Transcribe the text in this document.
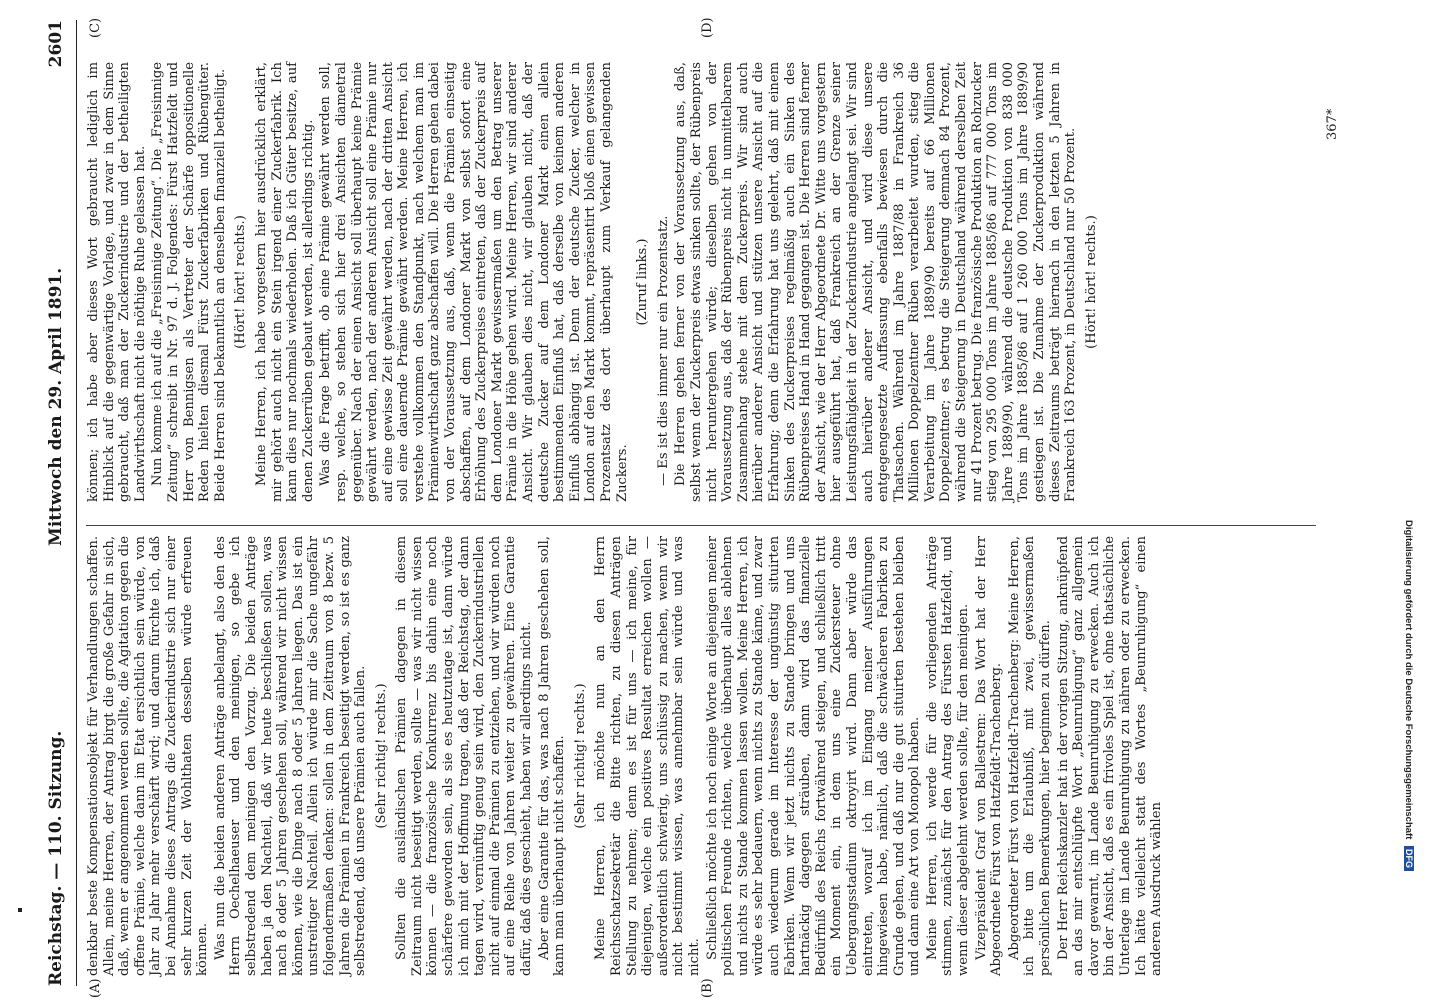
Reichstag. — 110. Sitzung.
Mittwoch den 29. April 1891.
2601
(A)	(B)
(C)	(D)

denkbar beste Kompensationsobjekt für Verhandlungen schaffen. Allein, meine Herren, der Antrag birgt die große Gefahr in sich, daß, wenn er angenommen werden sollte, die Agitation gegen die offene Prämie, welche dann im Etat ersichtlich sein würde, von Jahr zu Jahr mehr verschärft wird; und darum fürchte ich, daß bei Annahme dieses Antrags die Zuckerindustrie sich nur einer sehr kurzen Zeit der Wohlthaten desselben würde erfreuen können. Was nun die beiden anderen Anträge anbelangt, also den des Herrn Oechelhaeuser und den meinigen, so gebe ich selbstredend dem meinigen den Vorzug. Die beiden Anträge haben ja den Nachteil, daß wir heute beschließen sollen, was nach 8 oder 5 Jahren geschehen soll, während wir nicht wissen können, wie die Dinge nach 8 oder 5 Jahren liegen. Das ist ein unstreitiger Nachteil. Allein ich würde mir die Sache ungefähr folgendermaßen denken: sollen in dem Zeitraum von 8 bezw. 5 Jahren die Prämien in Frankreich beseitigt werden, so ist es ganz selbstredend, daß unsere Prämien auch fallen. (Sehr richtig! rechts.) Sollten die ausländischen Prämien dagegen in diesem Zeitraum nicht beseitigt werden, sollte — was wir nicht wissen können — die französische Konkurrenz bis dahin eine noch schärfere geworden sein, als sie es heutzutage ist, dann würde ich mich mit der Hoffnung tragen, daß der Reichstag, der dann tagen wird, vernünftig genug sein wird, den Zuckerindustriellen nicht auf einmal die Prämien zu entziehen, und wir würden noch auf eine Reihe von Jahren weiter zu gewähren. Eine Garantie dafür, daß dies geschieht, haben wir allerdings nicht. Aber eine Garantie für das, was nach 8 Jahren geschehen soll, kann man überhaupt nicht schaffen. (Sehr richtig! rechts.) Meine Herren, ich möchte nun an den Herrn Reichsschatzsekretär die Bitte richten, zu diesen Anträgen Stellung zu nehmen; denn es ist für uns — ich meine, für diejenigen, welche ein positives Resultat erreichen wollen — außerordentlich schwierig, uns schlüssig zu machen, wenn wir nicht bestimmt wissen, was annehmbar sein würde und was nicht. Schließlich möchte ich noch einige Worte an diejenigen meiner politischen Freunde richten, welche überhaupt alles ablehnen und nichts zu Stande kommen lassen wollen. Meine Herren, ich würde es sehr bedauern, wenn nichts zu Stande käme, und zwar auch wiederum gerade im Interesse der ungünstig situirten Fabriken. Wenn wir jetzt nichts zu Stande bringen und uns hartnäckig dagegen sträuben, dann wird das finanzielle Bedürfniß des Reichs fortwährend steigen, und schließlich tritt ein Moment ein, in dem uns eine Zuckersteuer ohne Uebergangsstadium oktroyirt wird. Dann aber würde das eintreten, worauf ich im Eingang meiner Ausführungen hingewiesen habe, nämlich, daß die schwächeren Fabriken zu Grunde gehen, und daß nur die gut situirten bestehen bleiben und dann eine Art von Monopol haben. Meine Herren, ich werde für die vorliegenden Anträge stimmen, zunächst für den Antrag des Fürsten Hatzfeldt, und wenn dieser abgelehnt werden sollte, für den meinigen. Vizepräsident Graf von Ballestrem: Das Wort hat der Herr Abgeordnete Fürst von Hatzfeldt-Trachenberg. Abgeordneter Fürst von Hatzfeldt-Trachenberg: Meine Herren, ich bitte um die Erlaubniß, mit zwei, gewissermaßen persönlichen Bemerkungen, hier beginnen zu dürfen. Der Herr Reichskanzler hat in der vorigen Sitzung, anknüpfend an das mir entschlüpfte Wort „Beunruhigung“ ganz allgemein davor gewarnt, im Lande Beunruhigung zu erwecken. Auch ich bin der Ansicht, daß es ein frivoles Spiel ist, ohne thatsächliche Unterlage im Lande Beunruhigung zu nähren oder zu erwecken. Ich hätte vielleicht statt des Wortes „Beunruhigung“ einen anderen Ausdruck wählen

können; ich habe aber dieses Wort gebraucht lediglich im Hinblick auf die gegenwärtige Vorlage, und zwar in dem Sinne gebraucht, daß man der Zuckerindustrie und der betheiligten Landwirthschaft nicht die nöthige Ruhe gelassen hat. Nun komme ich auf die „Freisinnige Zeitung“. Die „Freisinnige Zeitung“ schreibt in Nr. 97 d. J. Folgendes: Fürst Hatzfeldt und Herr von Bennigsen als Vertreter der Schärfe oppositionelle Reden hielten diesmal Fürst Zuckerfabriken und Rübengüter. Beide Herren sind bekanntlich an denselben finanziell betheiligt. (Hört! hört! rechts.) Meine Herren, ich habe vorgestern hier ausdrücklich erklärt, mir gehört auch nicht ein Stein irgend einer Zuckerfabrik. Ich kann dies nur nochmals wiederholen. Daß ich Güter besitze, auf denen Zuckerrüben gebaut werden, ist allerdings richtig. Was die Frage betrifft, ob eine Prämie gewährt werden soll, resp. welche, so stehen sich hier drei Ansichten diametral gegenüber. Nach der einen Ansicht soll überhaupt keine Prämie gewährt werden, nach der anderen Ansicht soll eine Prämie nur auf eine gewisse Zeit gewährt werden, nach der dritten Ansicht soll eine dauernde Prämie gewährt werden. Meine Herren, ich verstehe vollkommen den Standpunkt, nach welchem man im Prämienwirthschaft ganz abschaffen will. Die Herren gehen dabei von der Voraussetzung aus, daß, wenn die Prämien einseitig abschaffen, auf dem Londoner Markt von selbst sofort eine Erhöhung des Zuckerpreises eintreten, daß der Zuckerpreis auf dem Londoner Markt gewissermaßen um den Betrag unserer Prämie in die Höhe gehen wird. Meine Herren, wir sind anderer Ansicht. Wir glauben dies nicht, wir glauben nicht, daß der deutsche Zucker auf dem Londoner Markt einen allein bestimmenden Einfluß hat, daß derselbe von keinem anderen Einfluß abhängig ist. Denn der deutsche Zucker, welcher in London auf den Markt kommt, repräsentirt bloß einen gewissen Prozentsatz des dort überhaupt zum Verkauf gelangenden Zuckers.

(Zuruf links.) — Es ist dies immer nur ein Prozentsatz. Die Herren gehen ferner von der Voraussetzung aus, daß, selbst wenn der Zuckerpreis etwas sinken sollte, der Rübenpreis nicht heruntergehen würde; dieselben gehen von der Voraussetzung aus, daß der Rübenpreis nicht in unmittelbarem Zusammenhang stehe mit dem Zuckerpreis. Wir sind auch hierüber anderer Ansicht und stützen unsere Ansicht auf die Erfahrung; denn die Erfahrung hat uns gelehrt, daß mit einem Sinken des Zuckerpreises regelmäßig auch ein Sinken des Rübenpreises Hand in Hand gegangen ist. Die Herren sind ferner der Ansicht, wie der Herr Abgeordnete Dr. Witte uns vorgestern hier ausgeführt hat, daß Frankreich an der Grenze seiner Leistungsfähigkeit in der Zuckerindustrie angelangt sei. Wir sind auch hierüber anderer Ansicht, und wird diese unsere entgegengesetzte Auffassung ebenfalls bewiesen durch die Thatsachen. Während im Jahre 1887/88 in Frankreich 36 Millionen Doppelzentner Rüben verarbeitet wurden, stieg die Verarbeitung im Jahre 1889/90 bereits auf 66 Millionen Doppelzentner; es betrug die Steigerung demnach 84 Prozent, während die Steigerung in Deutschland während derselben Zeit nur 41 Prozent betrug. Die französische Produktion an Rohzucker stieg von 295 000 Tons im Jahre 1885/86 auf 777 000 Tons im Jahre 1889/90, während die deutsche Produktion von 838 000 Tons im Jahre 1885/86 auf 1 260 000 Tons im Jahre 1889/90 gestiegen ist. Die Zunahme der Zuckerproduktion während dieses Zeitraums beträgt hiernach in den letzten 5 Jahren in Frankreich 163 Prozent, in Deutschland nur 50 Prozent. (Hört! hört! rechts.)

367*
Digitalisierung gefördert durch die Deutsche Forschungsgemeinschaft DFG
